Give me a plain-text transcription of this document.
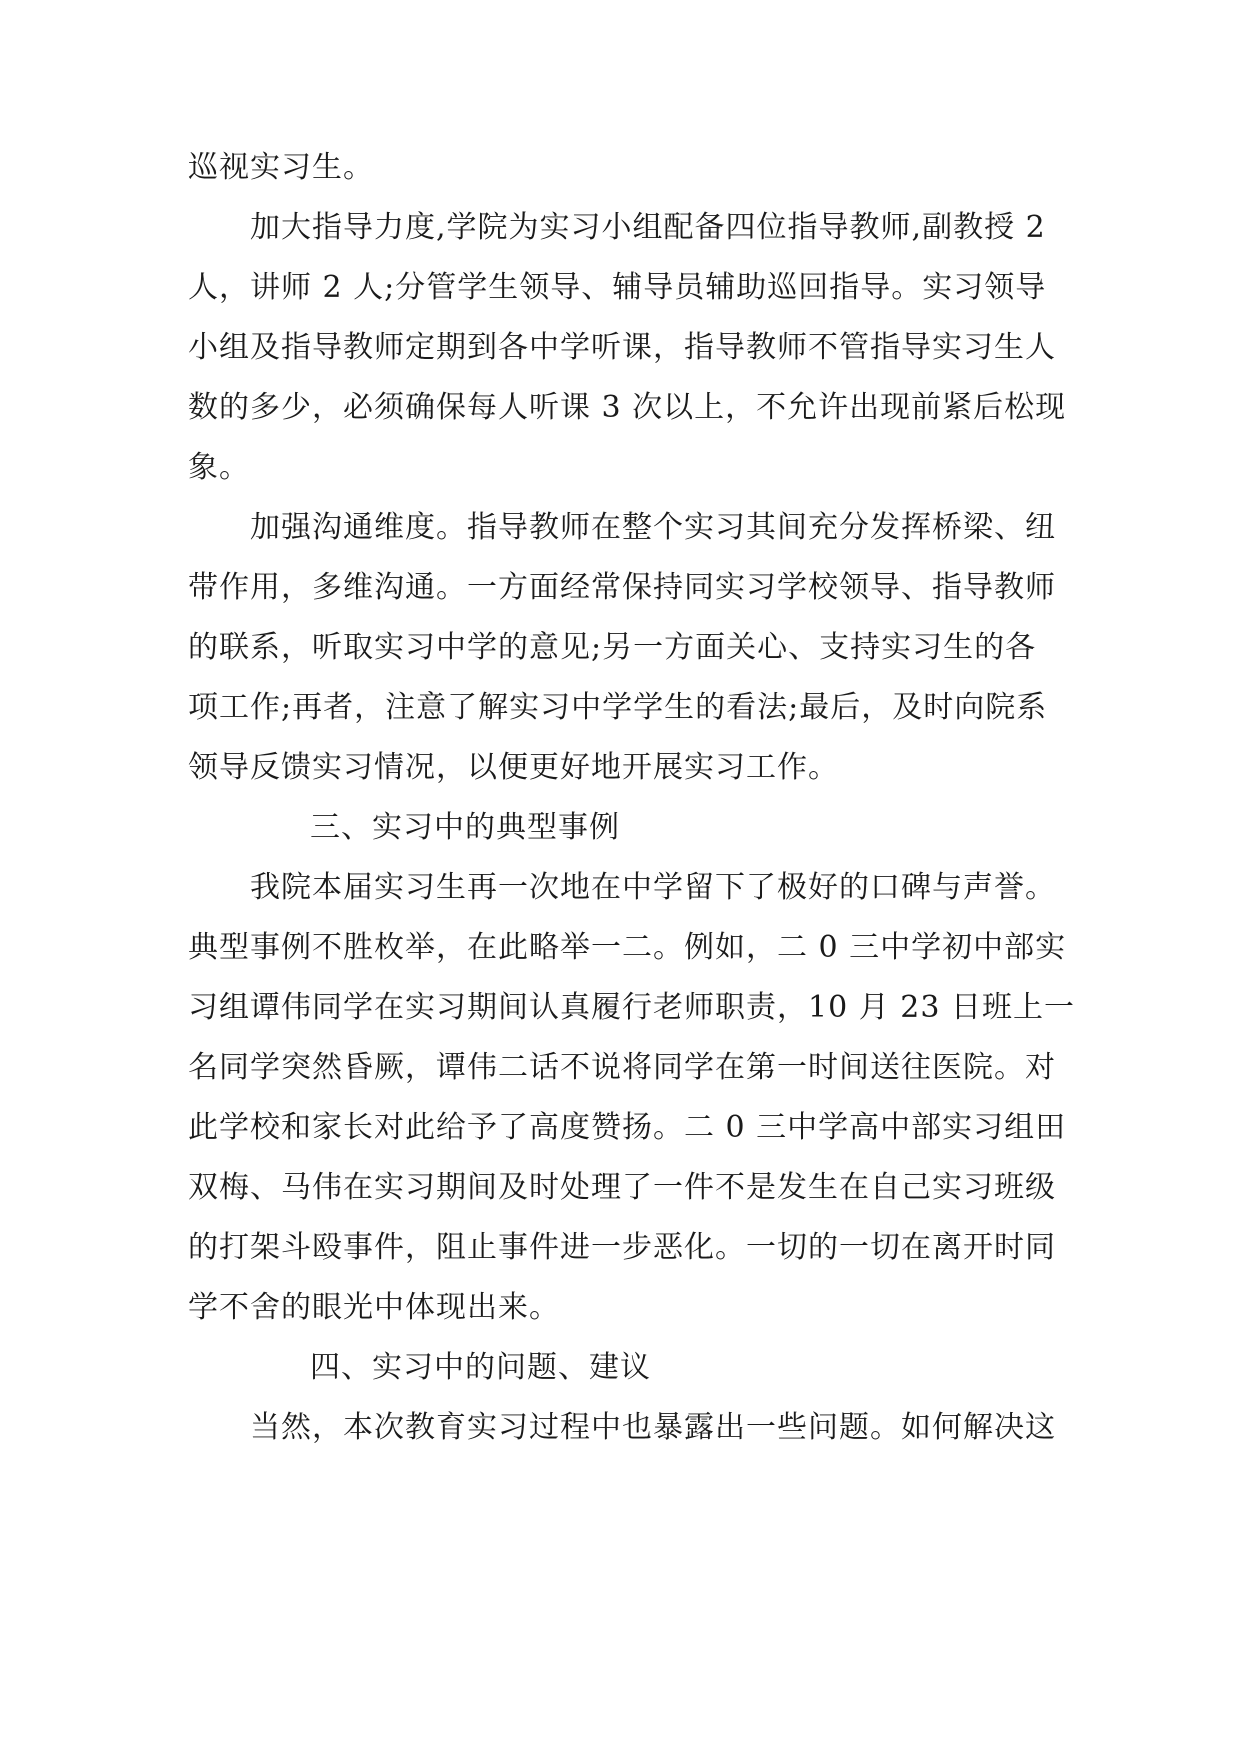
巡视实习生。
加大指导力度,学院为实习小组配备四位指导教师,副教授 2
人，讲师 2 人;分管学生领导、辅导员辅助巡回指导。实习领导
小组及指导教师定期到各中学听课，指导教师不管指导实习生人
数的多少，必须确保每人听课 3 次以上，不允许出现前紧后松现
象。
加强沟通维度。指导教师在整个实习其间充分发挥桥梁、纽
带作用，多维沟通。一方面经常保持同实习学校领导、指导教师
的联系，听取实习中学的意见;另一方面关心、支持实习生的各
项工作;再者，注意了解实习中学学生的看法;最后，及时向院系
领导反馈实习情况，以便更好地开展实习工作。
三、实习中的典型事例
我院本届实习生再一次地在中学留下了极好的口碑与声誉。
典型事例不胜枚举，在此略举一二。例如，二 0 三中学初中部实
习组谭伟同学在实习期间认真履行老师职责，10 月 23 日班上一
名同学突然昏厥，谭伟二话不说将同学在第一时间送往医院。对
此学校和家长对此给予了高度赞扬。二 0 三中学高中部实习组田
双梅、马伟在实习期间及时处理了一件不是发生在自己实习班级
的打架斗殴事件，阻止事件进一步恶化。一切的一切在离开时同
学不舍的眼光中体现出来。
四、实习中的问题、建议
当然，本次教育实习过程中也暴露出一些问题。如何解决这
